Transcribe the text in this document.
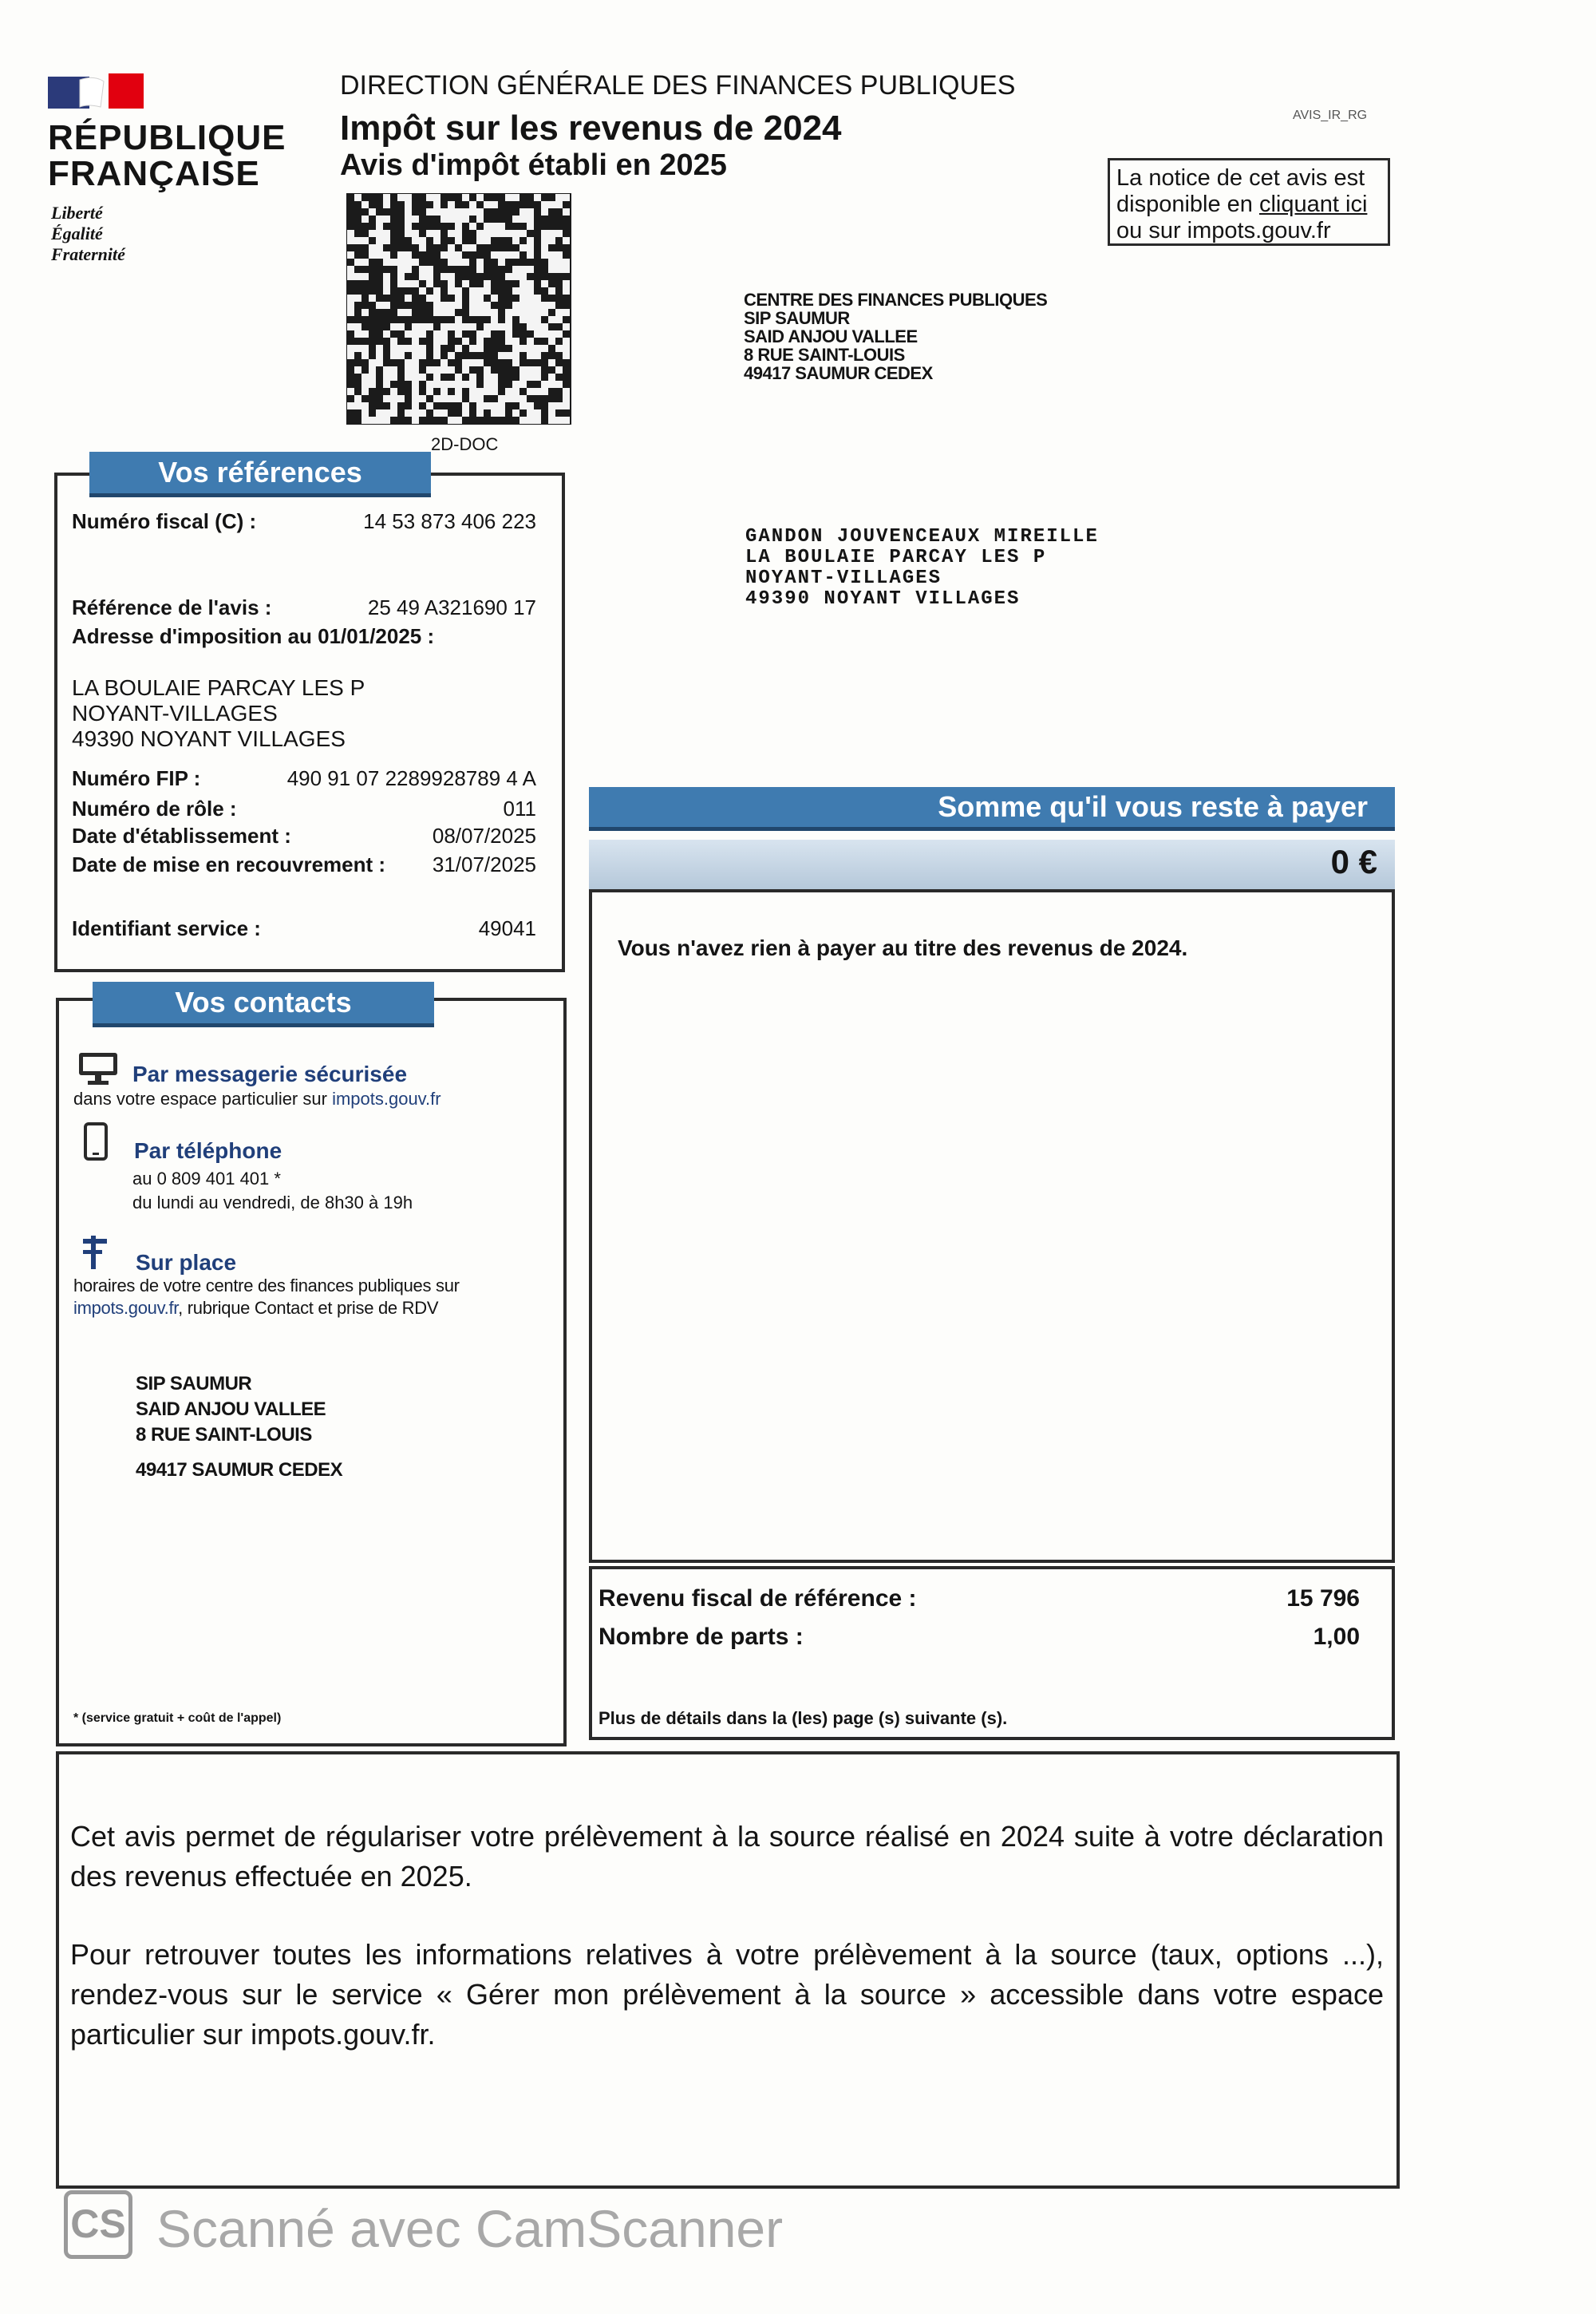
RÉPUBLIQUE
FRANÇAISE
Liberté
Égalité
Fraternité
DIRECTION GÉNÉRALE DES FINANCES PUBLIQUES
Impôt sur les revenus de 2024
Avis d'impôt établi en 2025
AVIS_IR_RG
La notice de cet avis est
disponible en cliquant ici
ou sur impots.gouv.fr
2D-DOC
CENTRE DES FINANCES PUBLIQUES
SIP SAUMUR
SAID ANJOU VALLEE
8 RUE SAINT-LOUIS
49417 SAUMUR CEDEX
GANDON JOUVENCEAUX MIREILLE
LA BOULAIE PARCAY LES P
NOYANT-VILLAGES
49390 NOYANT VILLAGES
Vos références
Numéro fiscal (C) :	14 53 873 406 223
Référence de l'avis :	25 49 A321690 17
Adresse d'imposition au 01/01/2025 :
LA BOULAIE PARCAY LES P
NOYANT-VILLAGES
49390 NOYANT VILLAGES
Numéro FIP :	490 91 07 2289928789 4 A
Numéro de rôle :	011
Date d'établissement :	08/07/2025
Date de mise en recouvrement :	31/07/2025
Identifiant service :	49041
Vos contacts
Par messagerie sécurisée
dans votre espace particulier sur impots.gouv.fr
Par téléphone
au 0 809 401 401 *
du lundi au vendredi, de 8h30 à 19h
Sur place
horaires de votre centre des finances publiques sur
impots.gouv.fr, rubrique Contact et prise de RDV
SIP SAUMUR
SAID ANJOU VALLEE
8 RUE SAINT-LOUIS
49417 SAUMUR CEDEX
* (service gratuit + coût de l'appel)
Somme qu'il vous reste à payer
0 €
Vous n'avez rien à payer au titre des revenus de 2024.
Revenu fiscal de référence :	15 796
Nombre de parts :	1,00
Plus de détails dans la (les) page (s) suivante (s).
Cet avis permet de régulariser votre prélèvement à la source réalisé en 2024 suite à votre déclaration des revenus effectuée en 2025.
Pour retrouver toutes les informations relatives à votre prélèvement à la source (taux, options ...), rendez-vous sur le service « Gérer mon prélèvement à la source » accessible dans votre espace particulier sur impots.gouv.fr.
CS Scanné avec CamScanner
